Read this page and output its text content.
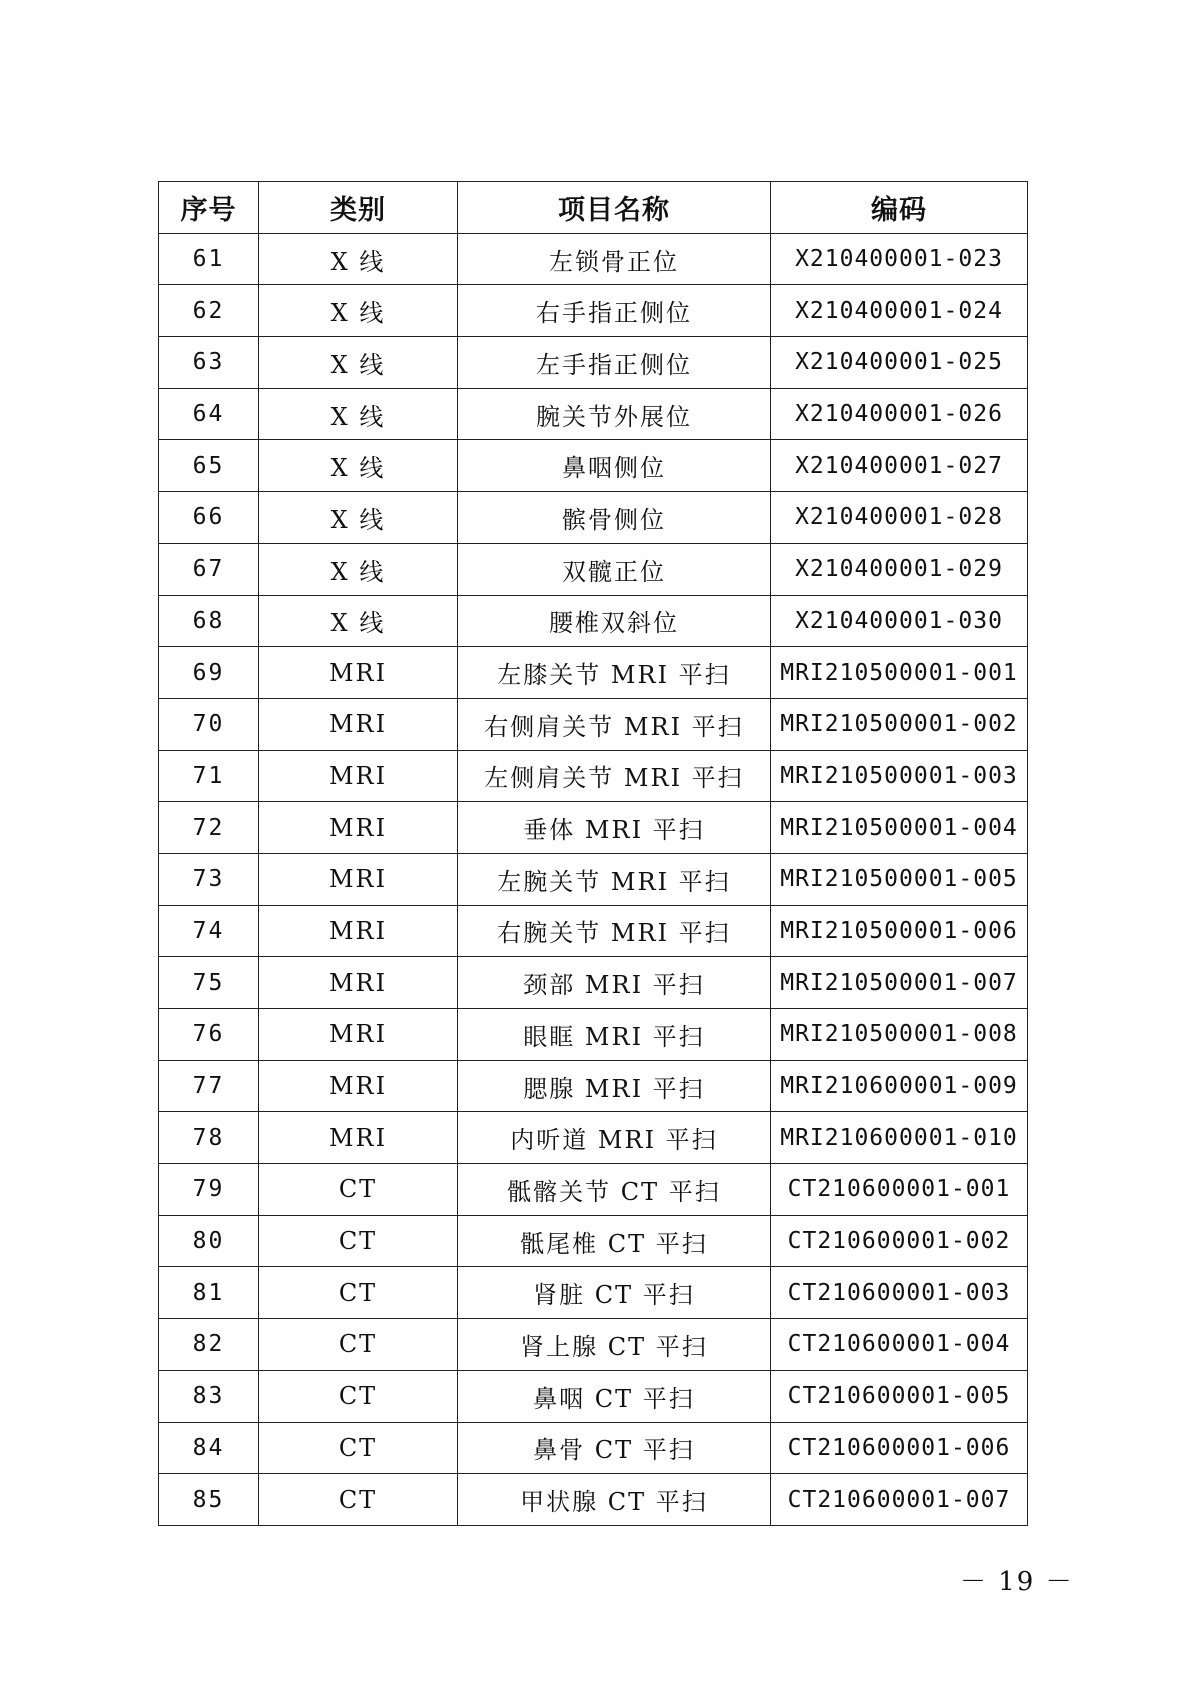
序号	类别	项目名称	编码
61	X 线	左锁骨正位	X210400001-023
62	X 线	右手指正侧位	X210400001-024
63	X 线	左手指正侧位	X210400001-025
64	X 线	腕关节外展位	X210400001-026
65	X 线	鼻咽侧位	X210400001-027
66	X 线	髌骨侧位	X210400001-028
67	X 线	双髋正位	X210400001-029
68	X 线	腰椎双斜位	X210400001-030
69	MRI	左膝关节 MRI 平扫	MRI210500001-001
70	MRI	右侧肩关节 MRI 平扫	MRI210500001-002
71	MRI	左侧肩关节 MRI 平扫	MRI210500001-003
72	MRI	垂体 MRI 平扫	MRI210500001-004
73	MRI	左腕关节 MRI 平扫	MRI210500001-005
74	MRI	右腕关节 MRI 平扫	MRI210500001-006
75	MRI	颈部 MRI 平扫	MRI210500001-007
76	MRI	眼眶 MRI 平扫	MRI210500001-008
77	MRI	腮腺 MRI 平扫	MRI210600001-009
78	MRI	内听道 MRI 平扫	MRI210600001-010
79	CT	骶髂关节 CT 平扫	CT210600001-001
80	CT	骶尾椎 CT 平扫	CT210600001-002
81	CT	肾脏 CT 平扫	CT210600001-003
82	CT	肾上腺 CT 平扫	CT210600001-004
83	CT	鼻咽 CT 平扫	CT210600001-005
84	CT	鼻骨 CT 平扫	CT210600001-006
85	CT	甲状腺 CT 平扫	CT210600001-007
－ 19 －
